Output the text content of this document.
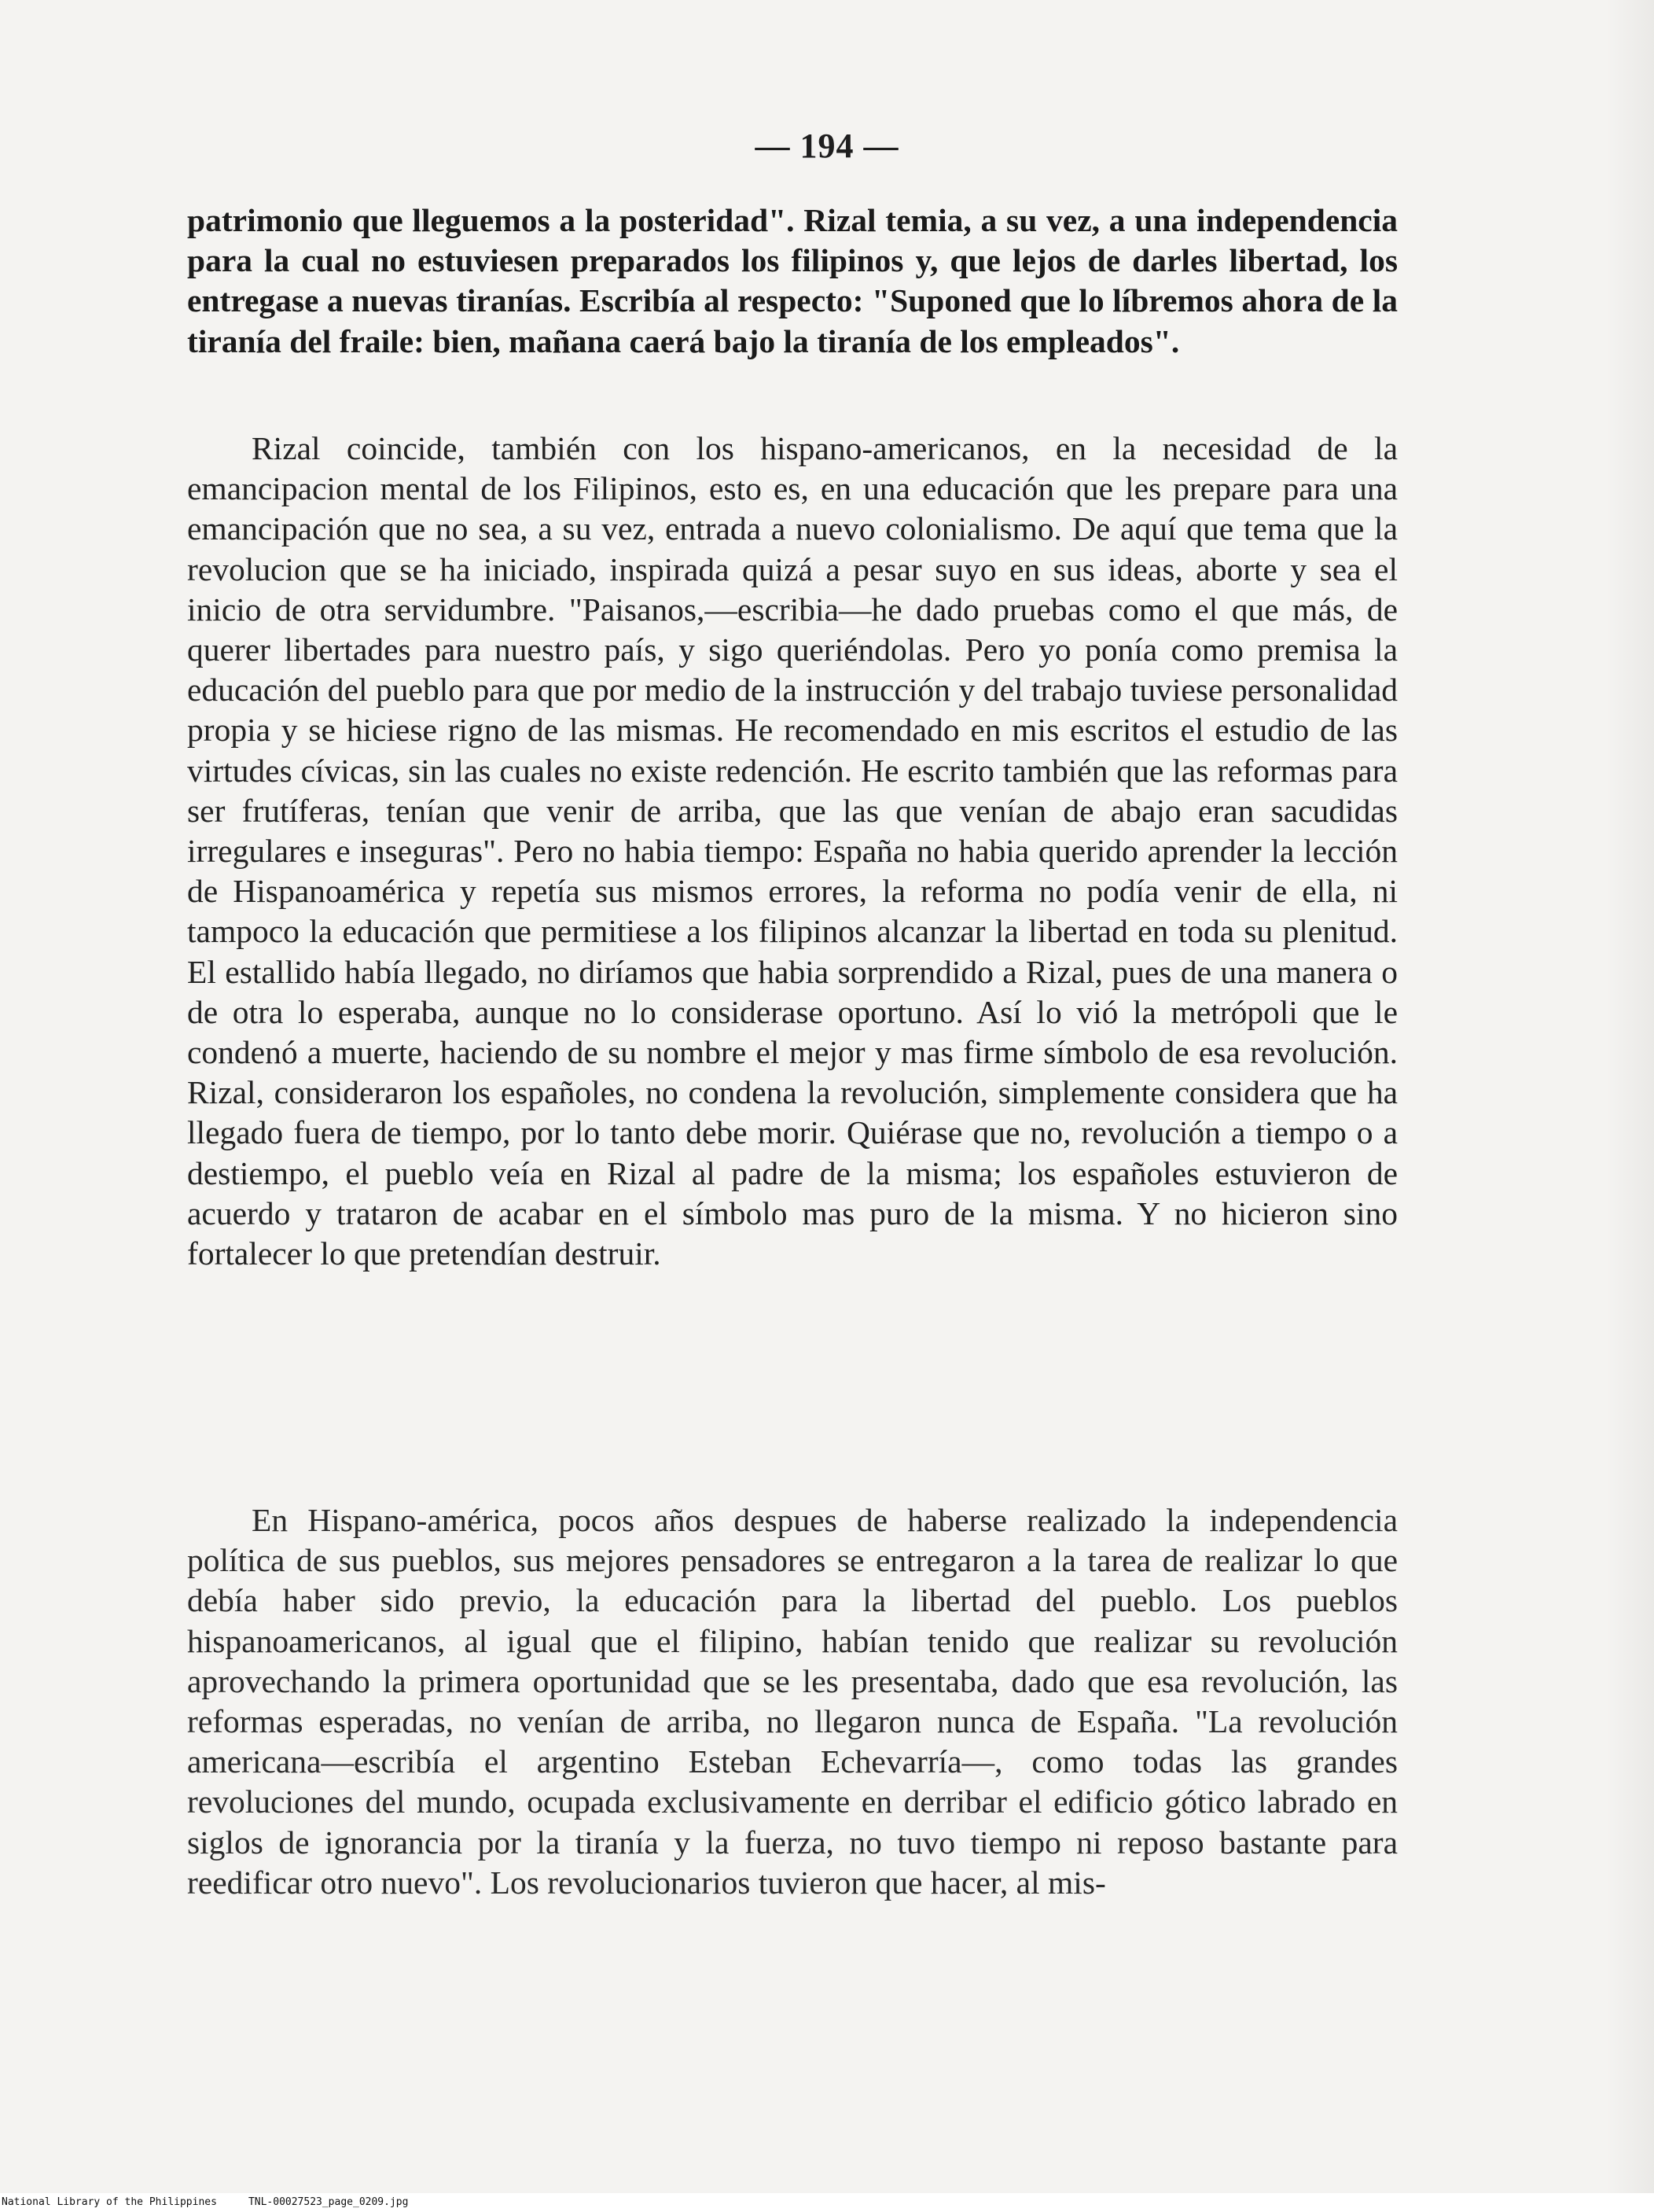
— 194 —

patrimonio que lleguemos a la posteridad". Rizal temia, a su vez, a una independencia para la cual no estuviesen preparados los filipinos y, que lejos de darles libertad, los entregase a nuevas tiranías. Escribía al respecto: "Suponed que lo líbremos ahora de la tiranía del fraile: bien, mañana caerá bajo la tiranía de los empleados".

Rizal coincide, también con los hispano-americanos, en la necesidad de la emancipacion mental de los Filipinos, esto es, en una educación que les prepare para una emancipación que no sea, a su vez, entrada a nuevo colonialismo. De aquí que tema que la revolucion que se ha iniciado, inspirada quizá a pesar suyo en sus ideas, aborte y sea el inicio de otra servidumbre. "Paisanos,—escribia—he dado pruebas como el que más, de querer libertades para nuestro país, y sigo queriéndolas. Pero yo ponía como premisa la educación del pueblo para que por medio de la instrucción y del trabajo tuviese personalidad propia y se hiciese rigno de las mismas. He recomendado en mis escritos el estudio de las virtudes cívicas, sin las cuales no existe redención. He escrito también que las reformas para ser frutíferas, tenían que venir de arriba, que las que venían de abajo eran sacudidas irregulares e inseguras". Pero no habia tiempo: España no habia querido aprender la lección de Hispanoamérica y repetía sus mismos errores, la reforma no podía venir de ella, ni tampoco la educación que permitiese a los filipinos alcanzar la libertad en toda su plenitud. El estallido había llegado, no diríamos que habia sorprendido a Rizal, pues de una manera o de otra lo esperaba, aunque no lo considerase oportuno. Así lo vió la metrópoli que le condenó a muerte, haciendo de su nombre el mejor y mas firme símbolo de esa revolución. Rizal, consideraron los españoles, no condena la revolución, simplemente considera que ha llegado fuera de tiempo, por lo tanto debe morir. Quiérase que no, revolución a tiempo o a destiempo, el pueblo veía en Rizal al padre de la misma; los españoles estuvieron de acuerdo y trataron de acabar en el símbolo mas puro de la misma. Y no hicieron sino fortalecer lo que pretendían destruir.

En Hispano-américa, pocos años despues de haberse realizado la independencia política de sus pueblos, sus mejores pensadores se entregaron a la tarea de realizar lo que debía haber sido previo, la educación para la libertad del pueblo. Los pueblos hispanoamericanos, al igual que el filipino, habían tenido que realizar su revolución aprovechando la primera oportunidad que se les presentaba, dado que esa revolución, las reformas esperadas, no venían de arriba, no llegaron nunca de España. "La revolución americana—escribía el argentino Esteban Echevarría—, como todas las grandes revoluciones del mundo, ocupada exclusivamente en derribar el edificio gótico labrado en siglos de ignorancia por la tiranía y la fuerza, no tuvo tiempo ni reposo bastante para reedificar otro nuevo". Los revolucionarios tuvieron que hacer, al mis-

National Library of the Philippines	TNL-00027523_page_0209.jpg
